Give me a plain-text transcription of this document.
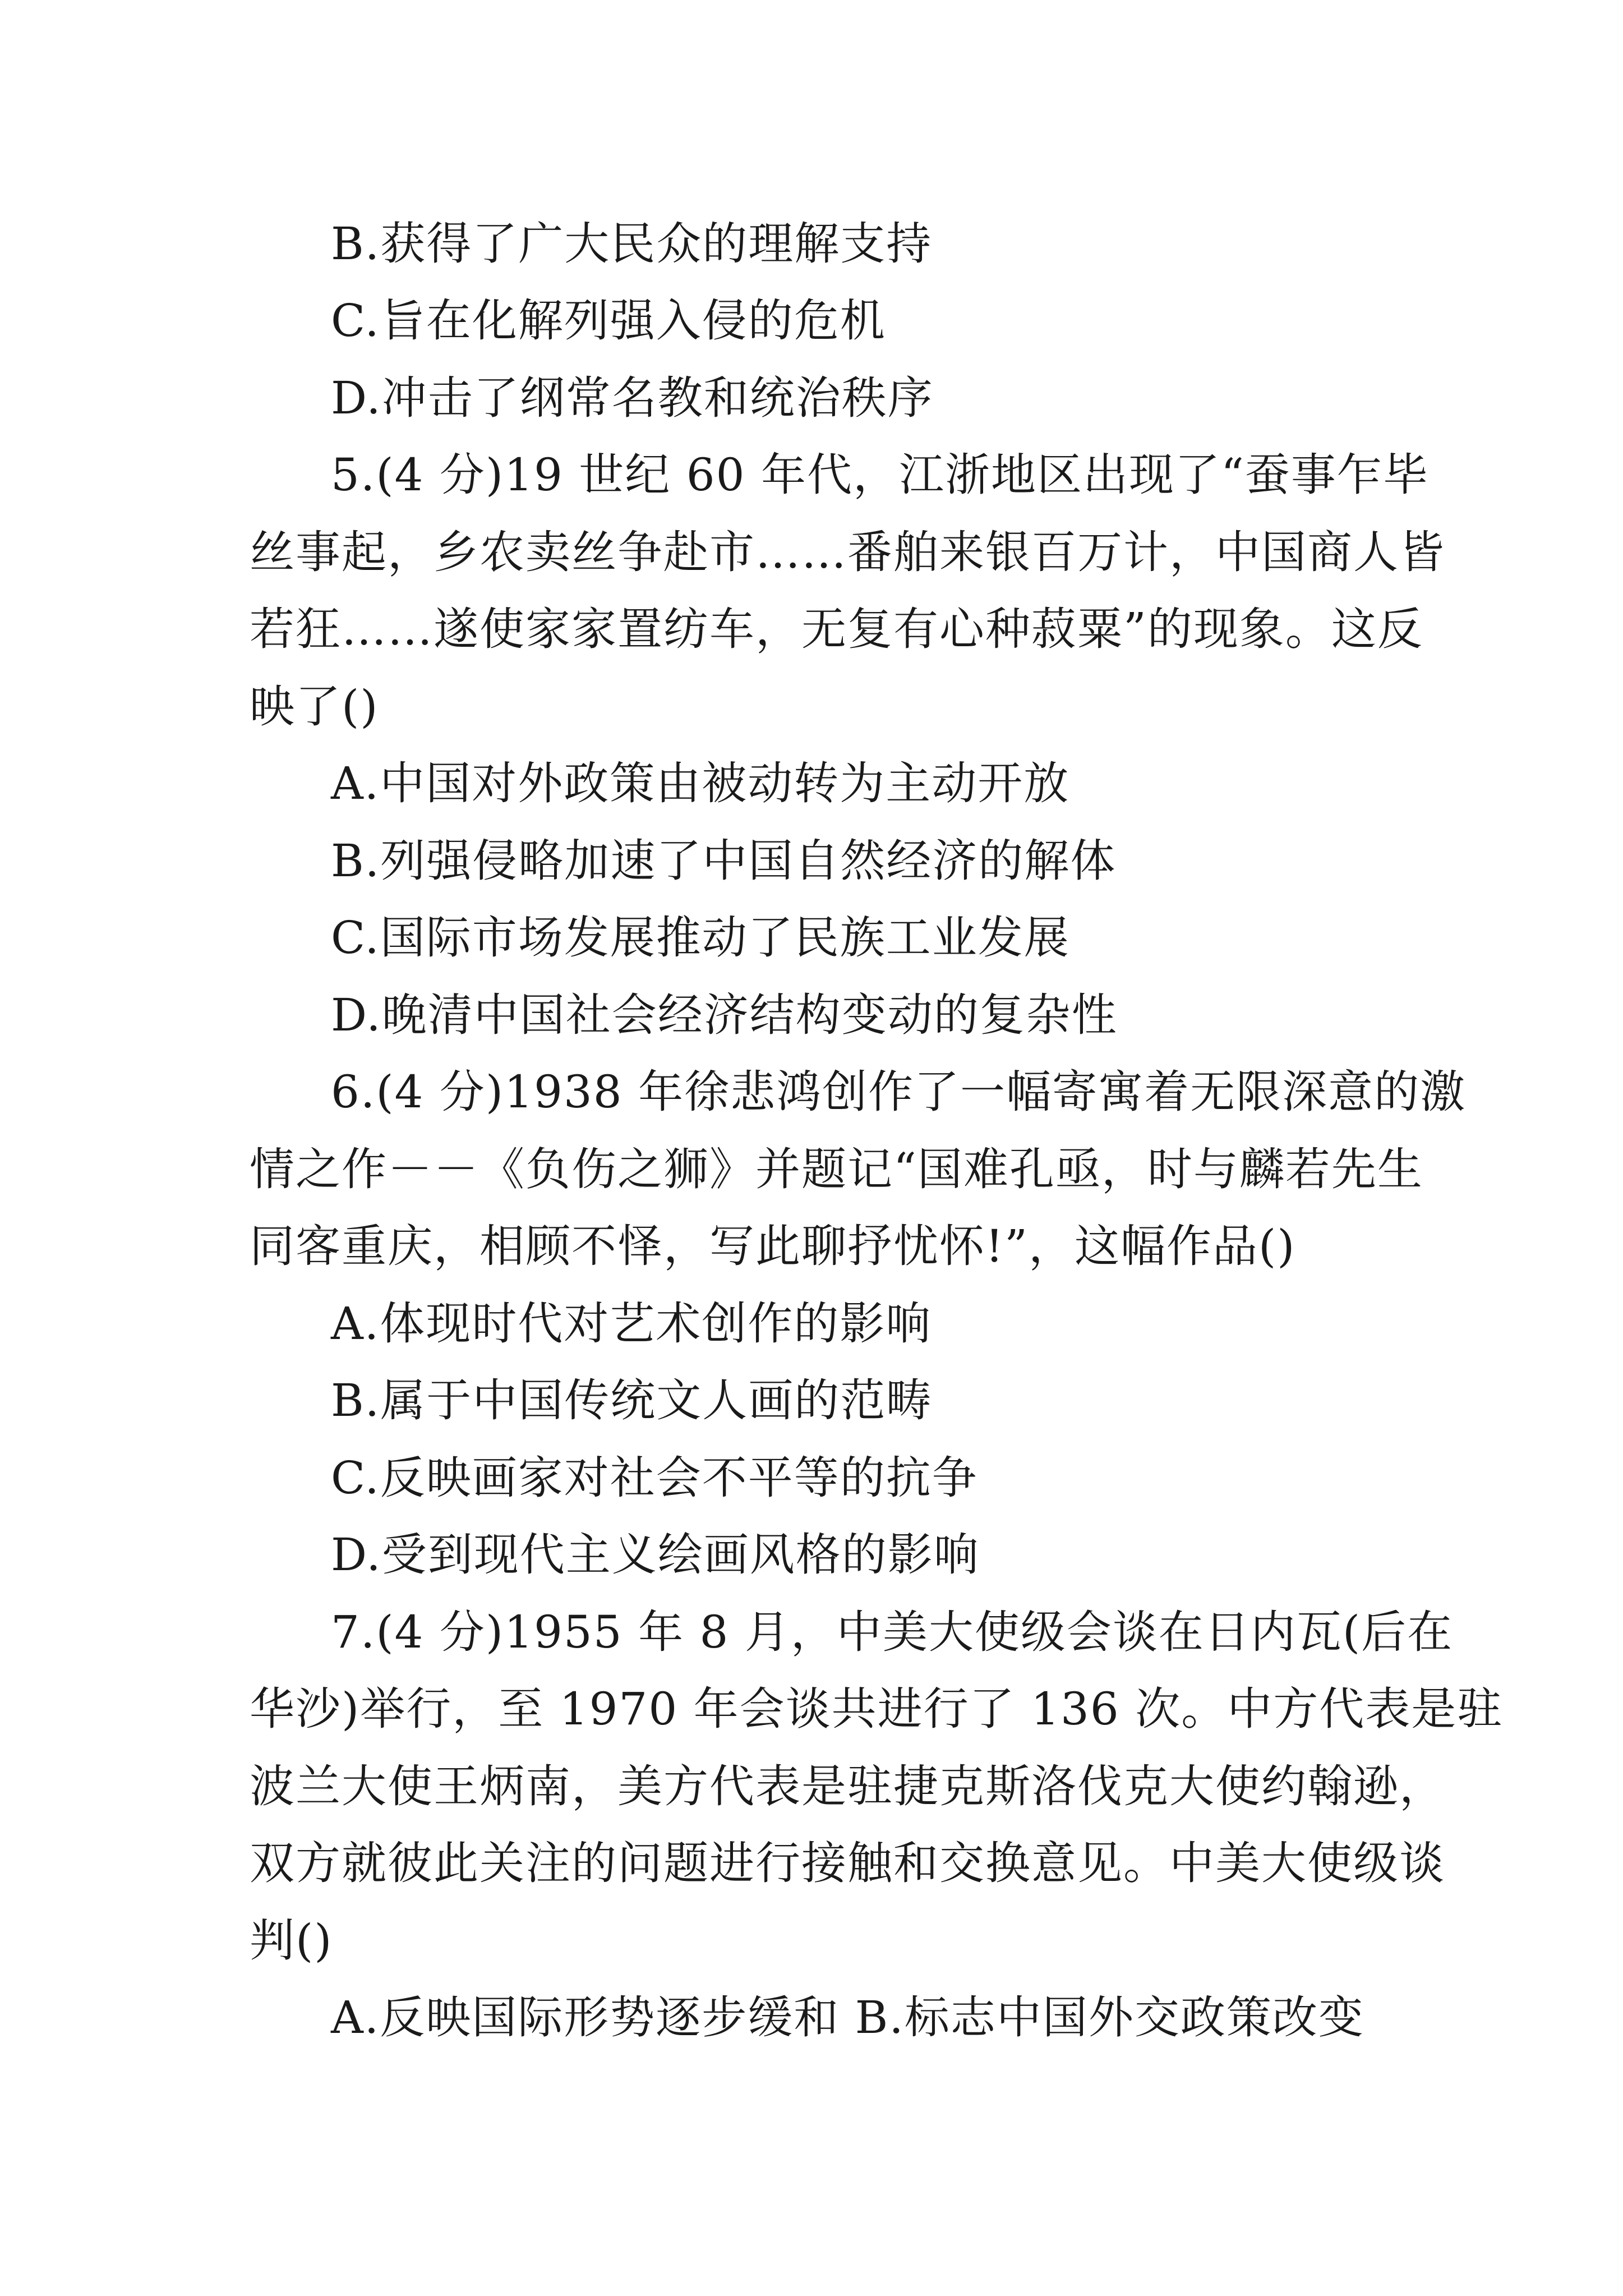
B.获得了广大民众的理解支持
C.旨在化解列强入侵的危机
D.冲击了纲常名教和统治秩序
5.(4 分)19 世纪 60 年代，江浙地区出现了“蚕事乍毕
丝事起，乡农卖丝争赴市……番舶来银百万计，中国商人皆
若狂……遂使家家置纺车，无复有心种菽粟”的现象。这反
映了()
A.中国对外政策由被动转为主动开放
B.列强侵略加速了中国自然经济的解体
C.国际市场发展推动了民族工业发展
D.晚清中国社会经济结构变动的复杂性
6.(4 分)1938 年徐悲鸿创作了一幅寄寓着无限深意的激
情之作－－《负伤之狮》并题记“国难孔亟，时与麟若先生
同客重庆，相顾不怿，写此聊抒忧怀!”，这幅作品()
A.体现时代对艺术创作的影响
B.属于中国传统文人画的范畴
C.反映画家对社会不平等的抗争
D.受到现代主义绘画风格的影响
7.(4 分)1955 年 8 月，中美大使级会谈在日内瓦(后在
华沙)举行，至 1970 年会谈共进行了 136 次。中方代表是驻
波兰大使王炳南，美方代表是驻捷克斯洛伐克大使约翰逊，
双方就彼此关注的问题进行接触和交换意见。中美大使级谈
判()
A.反映国际形势逐步缓和 B.标志中国外交政策改变
